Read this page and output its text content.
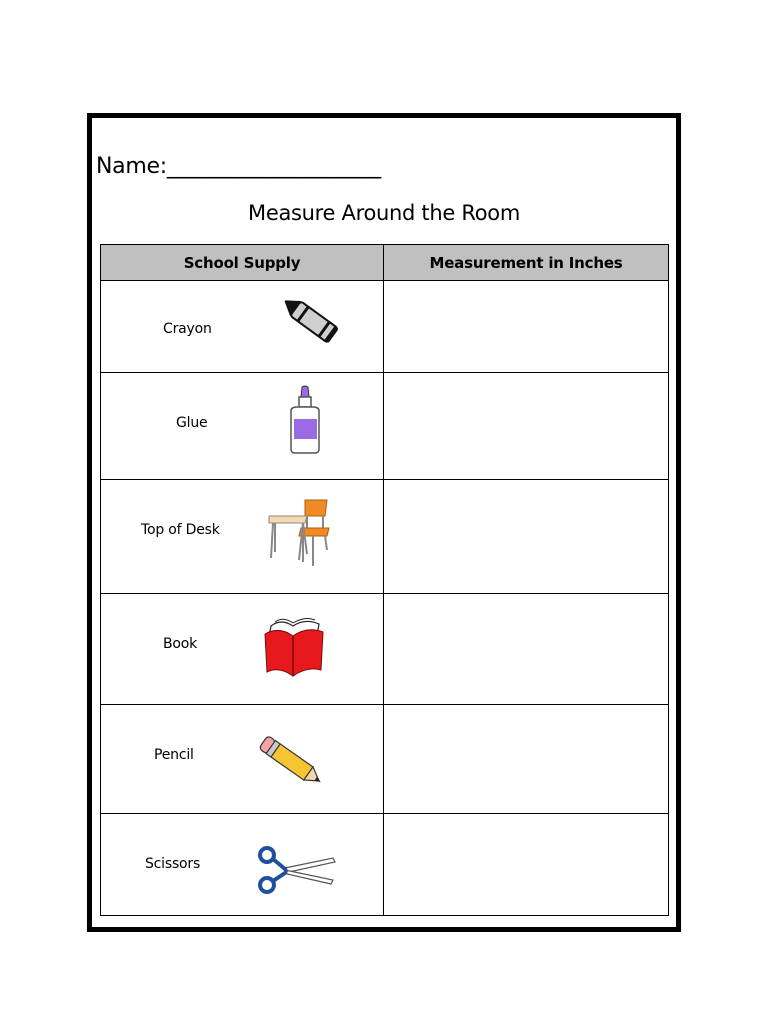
Name:____________________
Measure Around the Room
School Supply	Measurement in Inches

Crayon	

Glue	

Top of Desk	

Book	

Pencil	

Scissors	
